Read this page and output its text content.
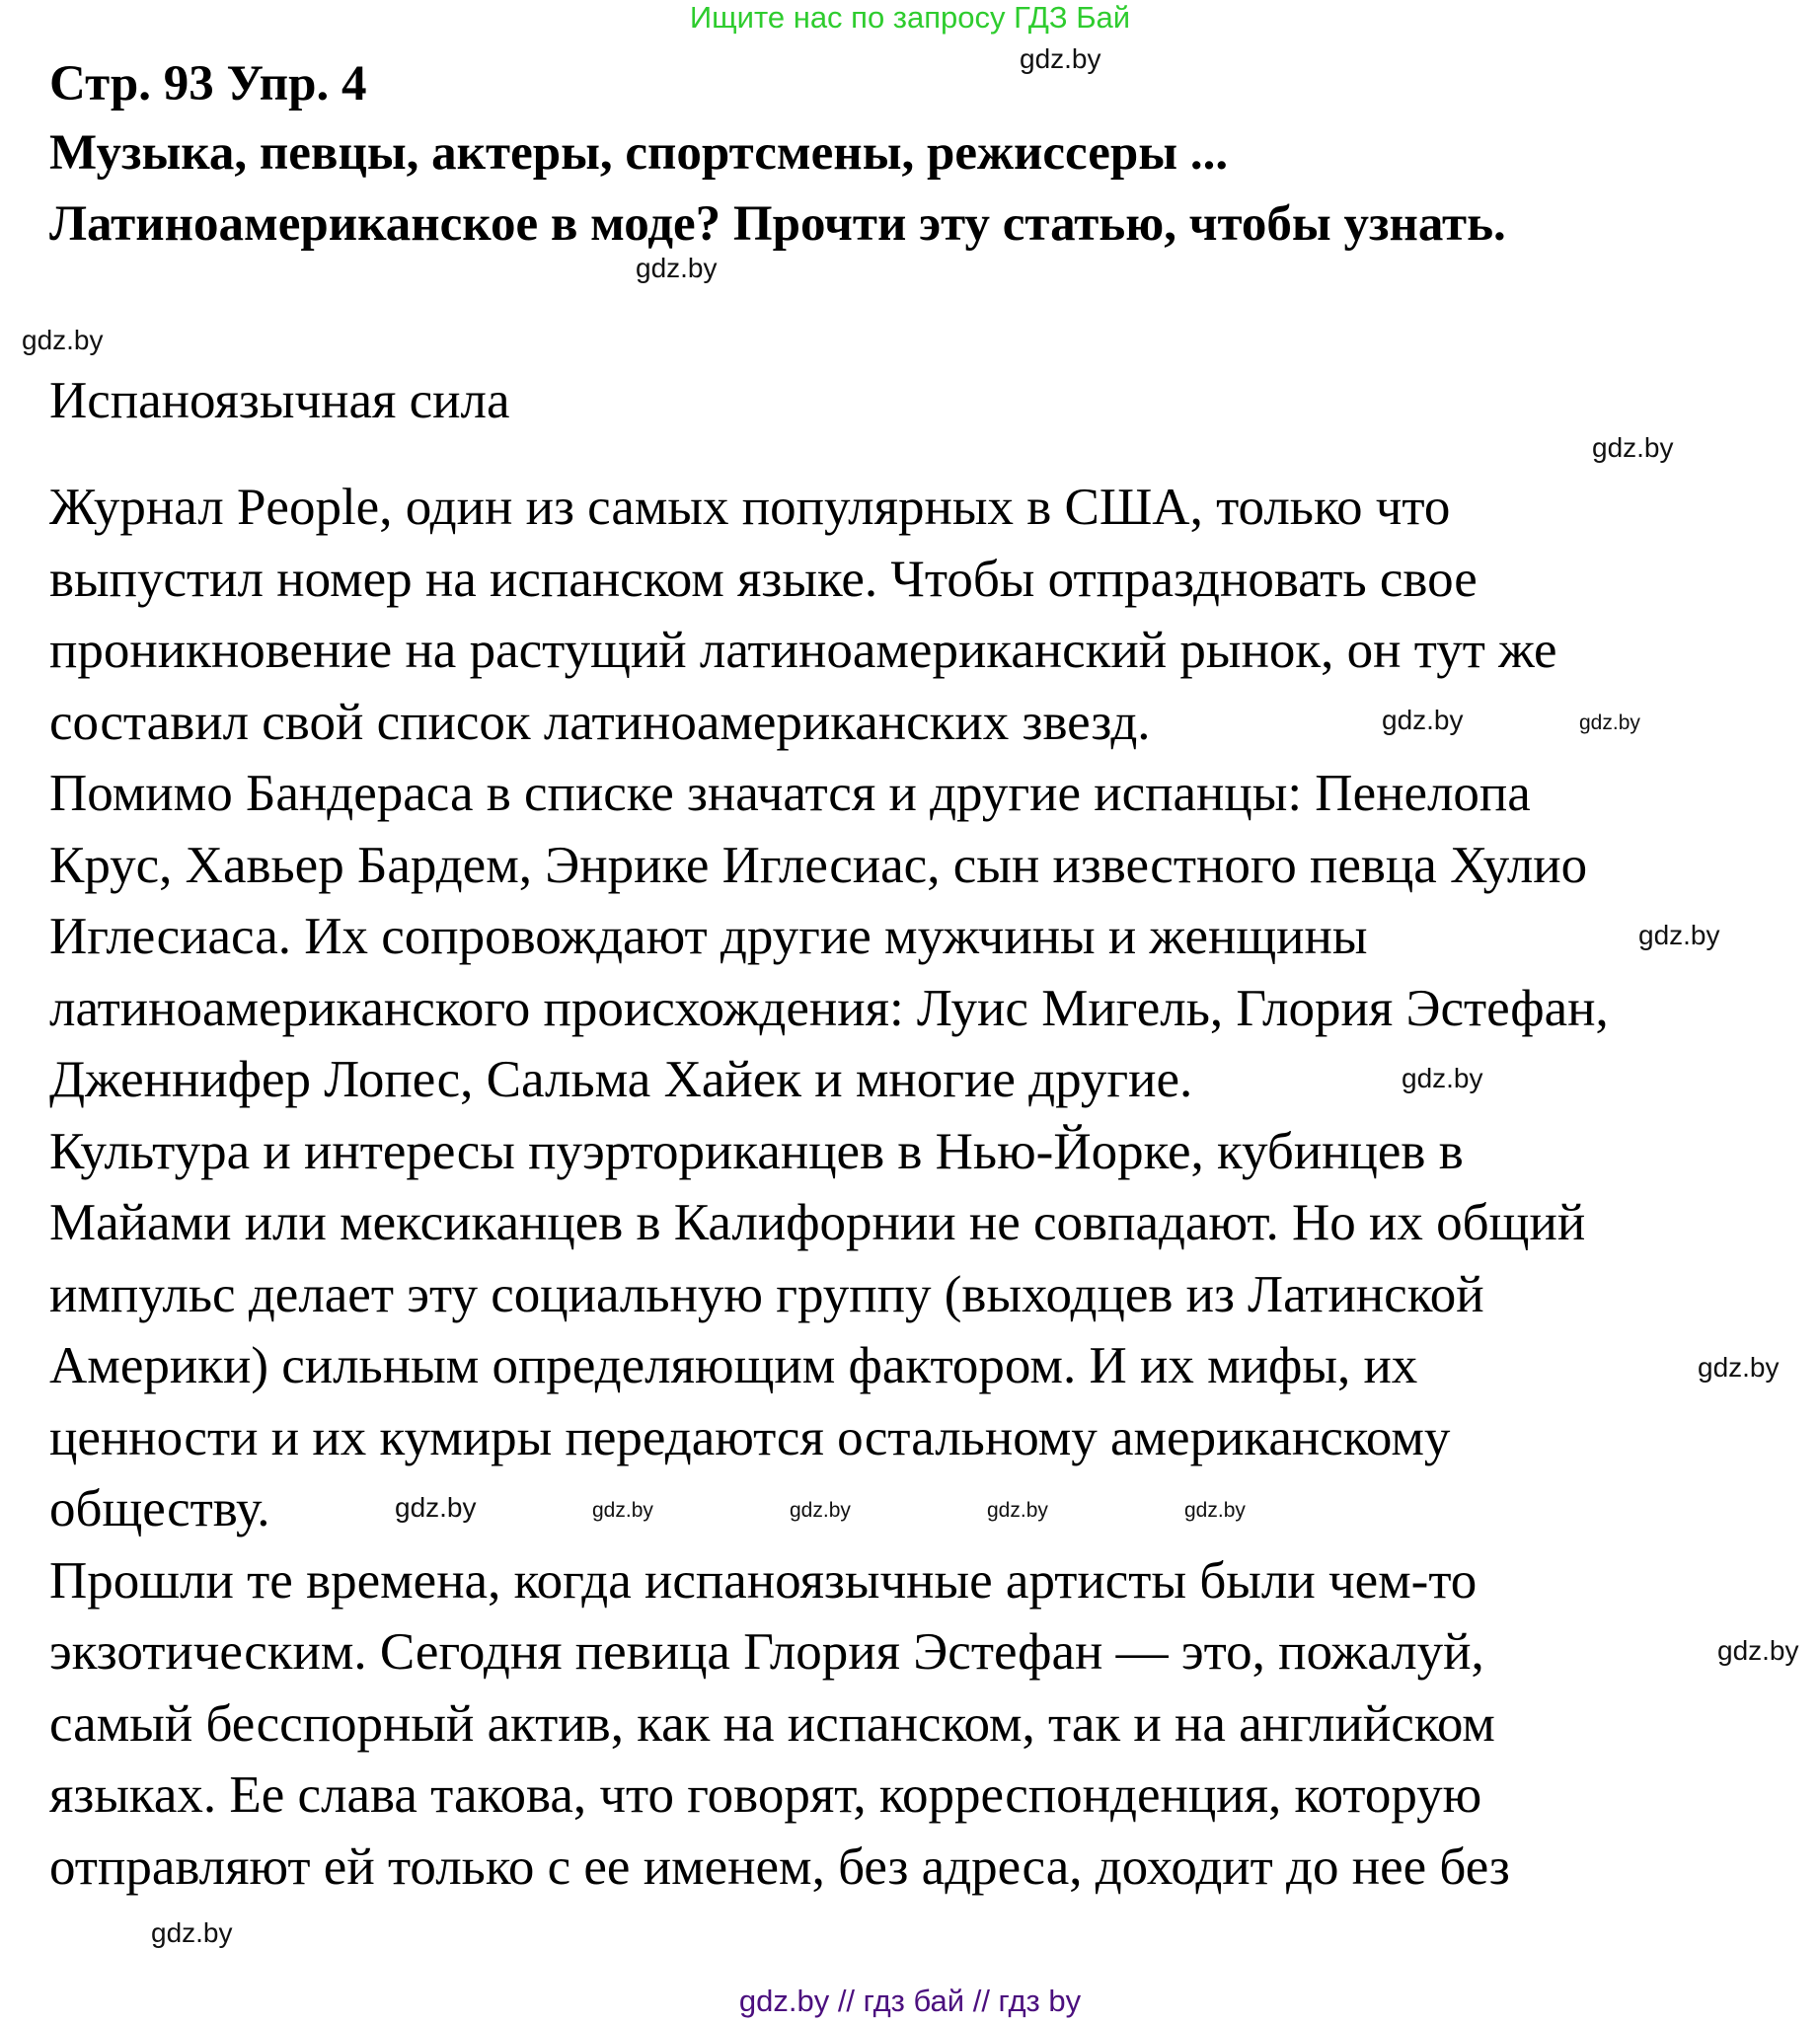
Ищите нас по запросу ГДЗ Бай
Стр. 93 Упр. 4
Музыка, певцы, актеры, спортсмены, режиссеры ...
Латиноамериканское в моде? Прочти эту статью, чтобы узнать.
Испаноязычная сила
Журнал People, один из самых популярных в США, только что
выпустил номер на испанском языке. Чтобы отпраздновать свое
проникновение на растущий латиноамериканский рынок, он тут же
составил свой список латиноамериканских звезд.
Помимо Бандераса в списке значатся и другие испанцы: Пенелопа
Крус, Хавьер Бардем, Энрике Иглесиас, сын известного певца Хулио
Иглесиаса. Их сопровождают другие мужчины и женщины
латиноамериканского происхождения: Луис Мигель, Глория Эстефан,
Дженнифер Лопес, Сальма Хайек и многие другие.
Культура и интересы пуэрториканцев в Нью-Йорке, кубинцев в
Майами или мексиканцев в Калифорнии не совпадают. Но их общий
импульс делает эту социальную группу (выходцев из Латинской
Америки) сильным определяющим фактором. И их мифы, их
ценности и их кумиры передаются остальному американскому
обществу.
Прошли те времена, когда испаноязычные артисты были чем-то
экзотическим. Сегодня певица Глория Эстефан — это, пожалуй,
самый бесспорный актив, как на испанском, так и на английском
языках. Ее слава такова, что говорят, корреспонденция, которую
отправляют ей только с ее именем, без адреса, доходит до нее без
gdz.by
gdz.by
gdz.by
gdz.by
gdz.by	gdz.by
gdz.by
gdz.by
gdz.by
gdz.by	gdz.by	gdz.by	gdz.by	gdz.by
gdz.by
gdz.by
gdz.by // гдз бай // гдз by
